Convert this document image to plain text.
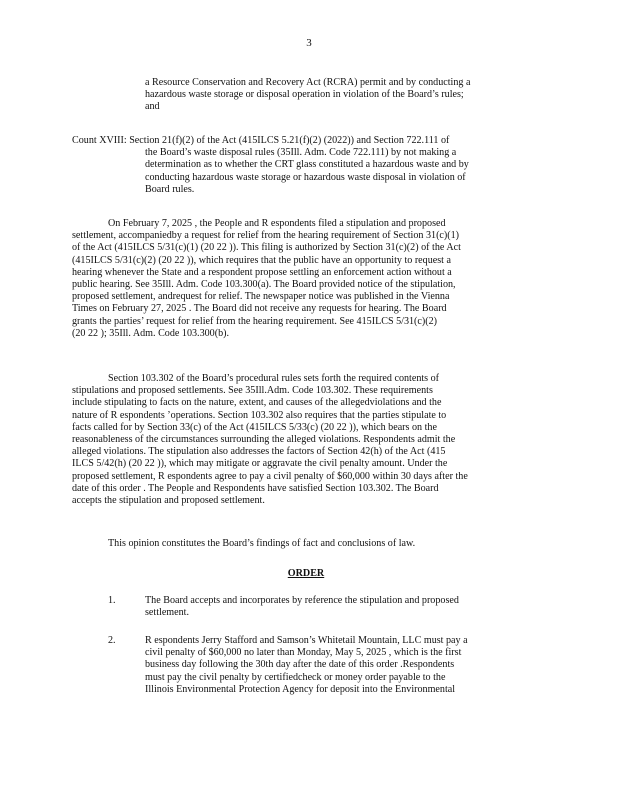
3
a Resource Conservation and Recovery Act (RCRA) permit and by conducting a
hazardous waste storage or disposal operation in violation of the Board’s rules;
and
Count XVIII: Section 21(f)(2) of the Act (415ILCS 5.21(f)(2) (2022)) and Section 722.111 of
the Board’s waste disposal rules (35Ill. Adm. Code 722.111) by not making a
determination as to whether the CRT glass constituted a hazardous waste and by
conducting hazardous waste storage or hazardous waste disposal in violation of
Board rules.
On February 7, 2025 , the People and R espondents filed a stipulation and proposed
settlement, accompaniedby a request for relief from the hearing requirement of Section 31(c)(1)
of the Act (415ILCS 5/31(c)(1) (20 22 )). This filing is authorized by Section 31(c)(2) of the Act
(415ILCS 5/31(c)(2) (20 22 )), which requires that the public have an opportunity to request a
hearing whenever the State and a respondent propose settling an enforcement action without a
public hearing. See 35Ill. Adm. Code 103.300(a). The Board provided notice of the stipulation,
proposed settlement, andrequest for relief. The newspaper notice was published in the Vienna
Times on February 27, 2025 . The Board did not receive any requests for hearing. The Board
grants the parties’ request for relief from the hearing requirement. See 415ILCS 5/31(c)(2)
(20 22 ); 35Ill. Adm. Code 103.300(b).
Section 103.302 of the Board’s procedural rules sets forth the required contents of
stipulations and proposed settlements. See 35Ill.Adm. Code 103.302. These requirements
include stipulating to facts on the nature, extent, and causes of the allegedviolations and the
nature of R espondents ’operations. Section 103.302 also requires that the parties stipulate to
facts called for by Section 33(c) of the Act (415ILCS 5/33(c) (20 22 )), which bears on the
reasonableness of the circumstances surrounding the alleged violations. Respondents admit the
alleged violations. The stipulation also addresses the factors of Section 42(h) of the Act (415
ILCS 5/42(h) (20 22 )), which may mitigate or aggravate the civil penalty amount. Under the
proposed settlement, R espondents agree to pay a civil penalty of $60,000 within 30 days after the
date of this order . The People and Respondents have satisfied Section 103.302. The Board
accepts the stipulation and proposed settlement.
This opinion constitutes the Board’s findings of fact and conclusions of law.
ORDER
1.	The Board accepts and incorporates by reference the stipulation and proposed
settlement.
2.	R espondents Jerry Stafford and Samson’s Whitetail Mountain, LLC must pay a
civil penalty of $60,000 no later than Monday, May 5, 2025 , which is the first
business day following the 30th day after the date of this order .Respondents
must pay the civil penalty by certifiedcheck or money order payable to the
Illinois Environmental Protection Agency for deposit into the Environmental
